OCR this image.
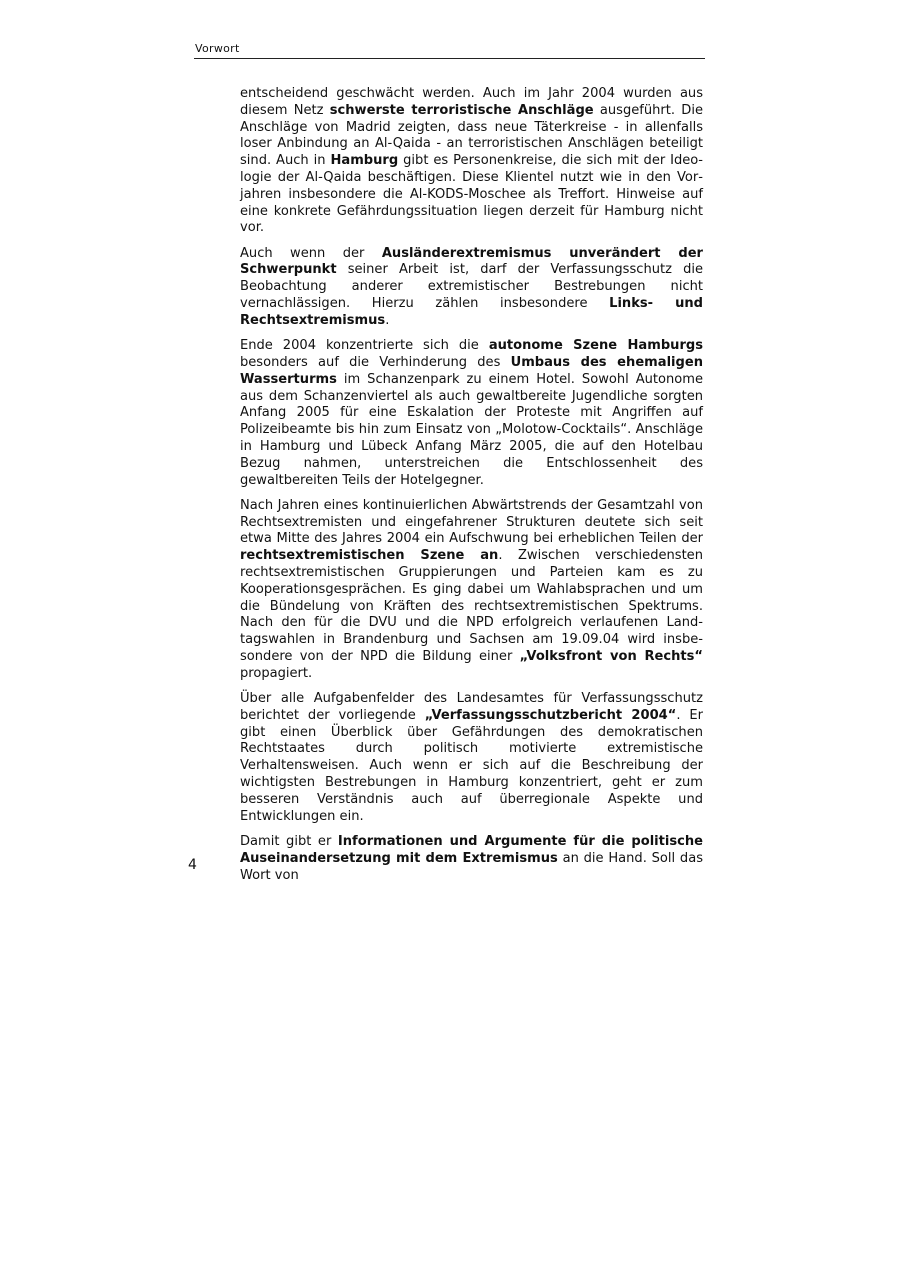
Vorwort

entscheidend geschwächt werden. Auch im Jahr 2004 wurden aus diesem Netz schwerste terroristische Anschläge ausgeführt. Die Anschläge von Madrid zeigten, dass neue Täterkreise - in allenfalls loser Anbindung an Al-Qaida - an terroristischen Anschlägen beteiligt sind. Auch in Hamburg gibt es Personenkreise, die sich mit der Ideologie der Al-Qaida beschäftigen. Diese Klientel nutzt wie in den Vorjahren insbesondere die Al-KODS-Moschee als Treffort. Hinweise auf eine konkrete Gefährdungssituation liegen derzeit für Hamburg nicht vor.

Auch wenn der Ausländerextremismus unverändert der Schwerpunkt seiner Arbeit ist, darf der Verfassungsschutz die Beobachtung anderer extremistischer Bestrebungen nicht vernachlässigen. Hierzu zählen insbesondere Links- und Rechtsextremismus.

Ende 2004 konzentrierte sich die autonome Szene Hamburgs besonders auf die Verhinderung des Umbaus des ehemaligen Wasserturms im Schanzenpark zu einem Hotel. Sowohl Autonome aus dem Schanzenviertel als auch gewaltbereite Jugendliche sorgten Anfang 2005 für eine Eskalation der Proteste mit Angriffen auf Polizeibeamte bis hin zum Einsatz von „Molotow-Cocktails“. Anschläge in Hamburg und Lübeck Anfang März 2005, die auf den Hotelbau Bezug nahmen, unterstreichen die Entschlossenheit des gewaltbereiten Teils der Hotelgegner.

Nach Jahren eines kontinuierlichen Abwärtstrends der Gesamtzahl von Rechtsextremisten und eingefahrener Strukturen deutete sich seit etwa Mitte des Jahres 2004 ein Aufschwung bei erheblichen Teilen der rechtsextremistischen Szene an. Zwischen verschiedensten rechtsextremistischen Gruppierungen und Parteien kam es zu Kooperationsgesprächen. Es ging dabei um Wahlabsprachen und um die Bündelung von Kräften des rechtsextremistischen Spektrums. Nach den für die DVU und die NPD erfolgreich verlaufenen Landtagswahlen in Brandenburg und Sachsen am 19.09.04 wird insbesondere von der NPD die Bildung einer „Volksfront von Rechts“ propagiert.

Über alle Aufgabenfelder des Landesamtes für Verfassungsschutz berichtet der vorliegende „Verfassungsschutzbericht 2004“. Er gibt einen Überblick über Gefährdungen des demokratischen Rechtstaates durch politisch motivierte extremistische Verhaltensweisen. Auch wenn er sich auf die Beschreibung der wichtigsten Bestrebungen in Hamburg konzentriert, geht er zum besseren Verständnis auch auf überregionale Aspekte und Entwicklungen ein.

Damit gibt er Informationen und Argumente für die politische Auseinandersetzung mit dem Extremismus an die Hand. Soll das Wort von

4
